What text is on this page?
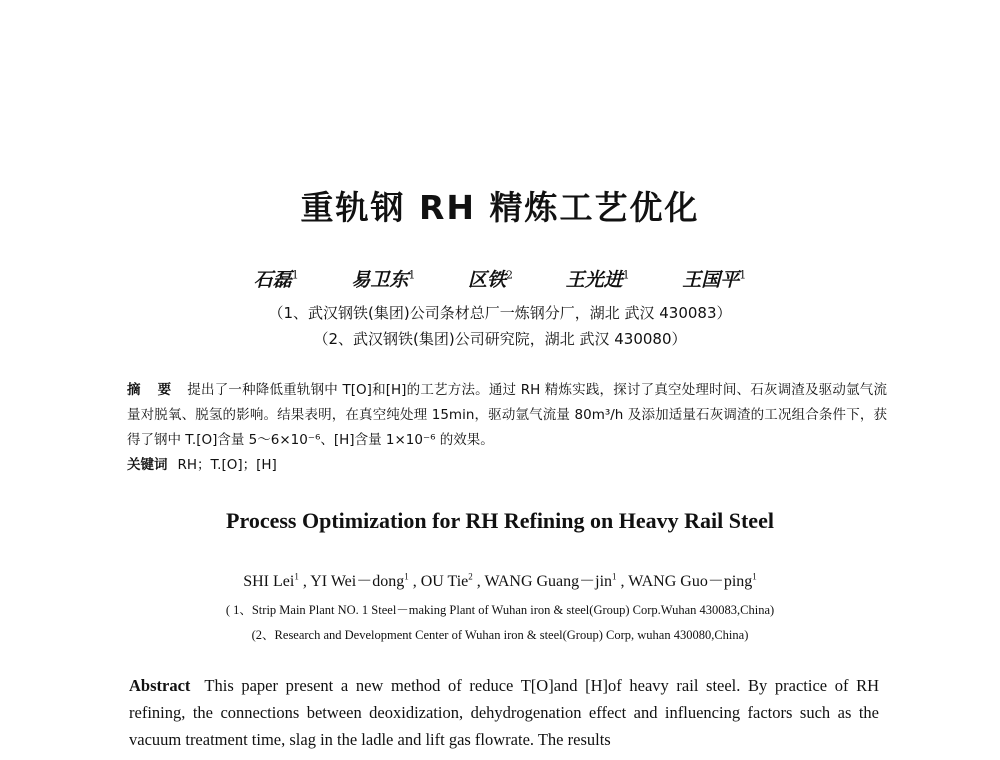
重轨钢 RH 精炼工艺优化
石磊$^1$	易卫东$^1$	区铁$^2$	王光进$^1$	王国平$^1$
（1、武汉钢铁(集团)公司条材总厂一炼钢分厂，湖北 武汉 430083）
（2、武汉钢铁(集团)公司研究院，湖北 武汉 430080）
摘 要 提出了一种降低重轨钢中 T[O]和[H]的工艺方法。通过 RH 精炼实践，探讨了真空处理时间、石灰调渣及驱动氩气流量对脱氧、脱氢的影响。结果表明，在真空纯处理 15min，驱动氩气流量 80m³/h 及添加适量石灰调渣的工况组合条件下，获得了钢中 T.[O]含量 5～6×10⁻⁶、[H]含量 1×10⁻⁶ 的效果。
关键词 RH；T.[O]；[H]
Process Optimization for RH Refining on Heavy Rail Steel
SHI Lei$^1$ , YI Wei－dong$^1$ , OU Tie$^2$ , WANG Guang－jin$^1$ , WANG Guo－ping$^1$
( 1、Strip Main Plant NO. 1 Steel－making Plant of Wuhan iron & steel(Group) Corp.Wuhan 430083,China)
(2、Research and Development Center of Wuhan iron & steel(Group) Corp, wuhan 430080,China)
Abstract This paper present a new method of reduce T[O]and [H]of heavy rail steel. By practice of RH refining, the connections between deoxidization, dehydrogenation effect and influencing factors such as the vacuum treatment time, slag in the ladle and lift gas flowrate. The results
